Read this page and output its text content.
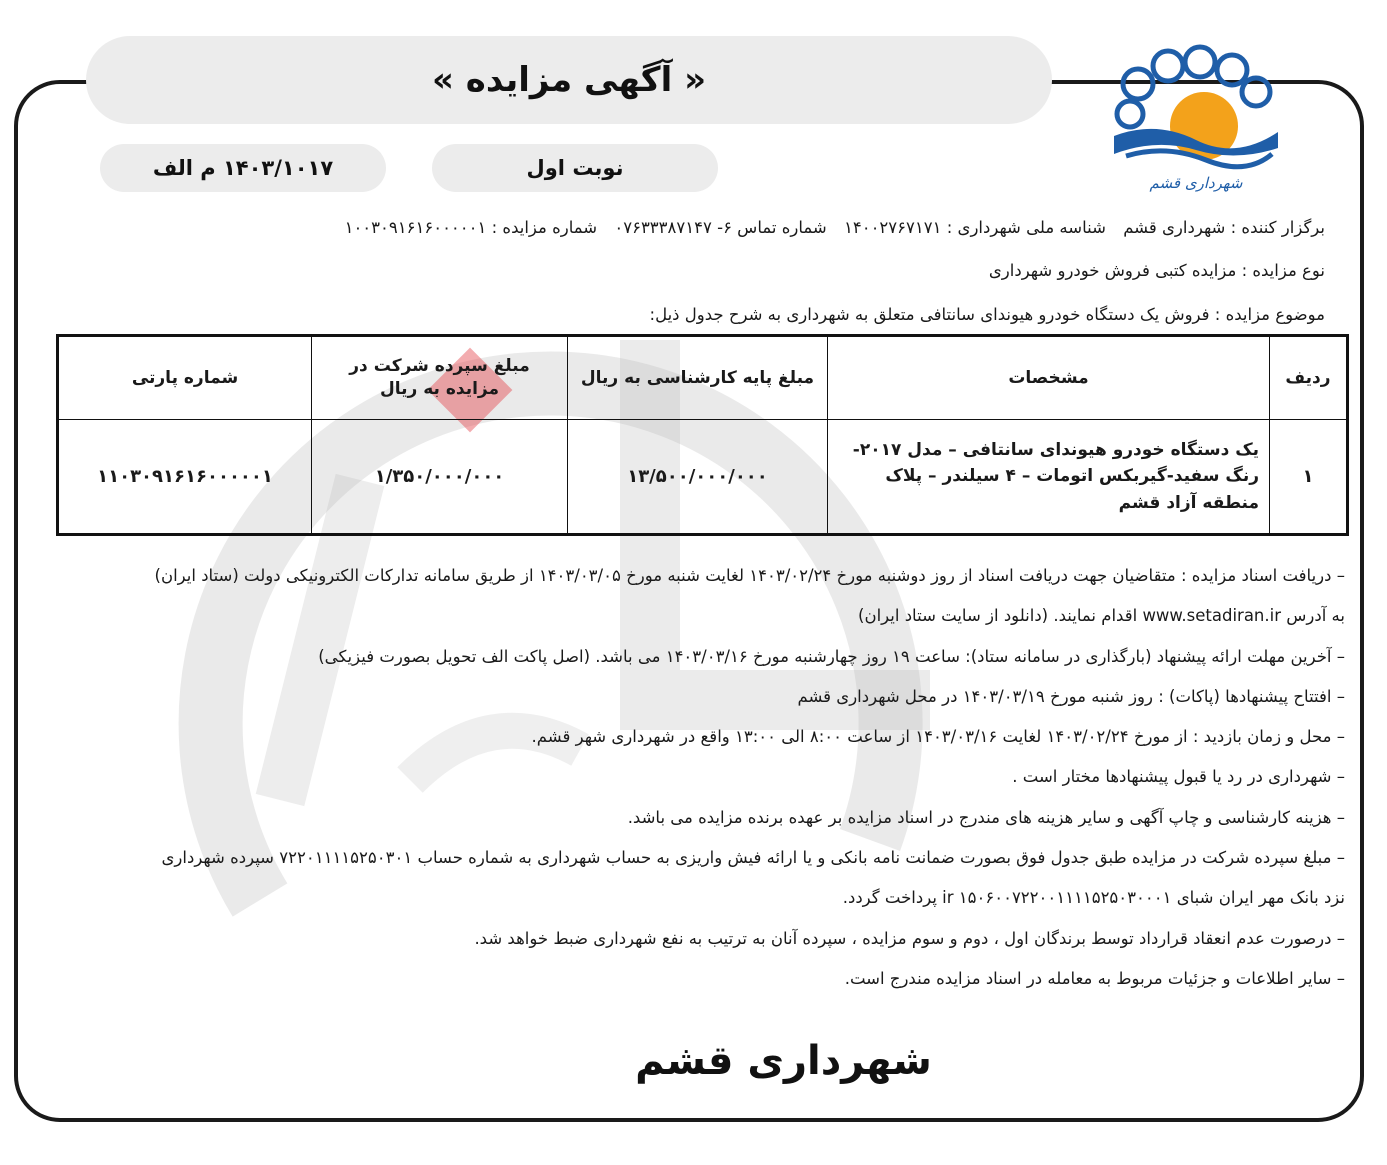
« آگهی مزایده »
نوبت اول
۱۴۰۳/۱۰۱۷ م الف
شهرداری قشم
برگزار کننده : شهرداری قشم شناسه ملی شهرداری : ۱۴۰۰۲۷۶۷۱۷۱ شماره تماس ۶- ۰۷۶۳۳۳۸۷۱۴۷ شماره مزایده : ۱۰۰۳۰۹۱۶۱۶۰۰۰۰۰۱
نوع مزایده : مزایده کتبی فروش خودرو شهرداری
موضوع مزایده : فروش یک دستگاه خودرو هیوندای سانتافی متعلق به شهرداری به شرح جدول ذیل:
ردیف	مشخصات	مبلغ پایه کارشناسی به ریال	مبلغ سپرده شرکت در مزایده به ریال	شماره پارتی
۱	یک دستگاه خودرو هیوندای سانتافی – مدل ۲۰۱۷- رنگ سفید-گیربکس اتومات – ۴ سیلندر – پلاک منطقه آزاد قشم	۱۳/۵۰۰/۰۰۰/۰۰۰	۱/۳۵۰/۰۰۰/۰۰۰	۱۱۰۳۰۹۱۶۱۶۰۰۰۰۰۱
– دریافت اسناد مزایده : متقاضیان جهت دریافت اسناد از روز دوشنبه مورخ ۱۴۰۳/۰۲/۲۴ لغایت شنبه مورخ ۱۴۰۳/۰۳/۰۵ از طریق سامانه تدارکات الکترونیکی دولت (ستاد ایران)
به آدرس www.setadiran.ir اقدام نمایند. (دانلود از سایت ستاد ایران)
– آخرین مهلت ارائه پیشنهاد (بارگذاری در سامانه ستاد): ساعت ۱۹ روز چهارشنبه مورخ ۱۴۰۳/۰۳/۱۶ می باشد. (اصل پاکت الف تحویل بصورت فیزیکی)
– افتتاح پیشنهادها (پاکات) : روز شنبه مورخ ۱۴۰۳/۰۳/۱۹ در محل شهرداری قشم
– محل و زمان بازدید : از مورخ ۱۴۰۳/۰۲/۲۴ لغایت ۱۴۰۳/۰۳/۱۶ از ساعت ۸:۰۰ الی ۱۳:۰۰ واقع در شهرداری شهر قشم.
– شهرداری در رد یا قبول پیشنهادها مختار است .
– هزینه کارشناسی و چاپ آگهی و سایر هزینه های مندرج در اسناد مزایده بر عهده برنده مزایده می باشد.
– مبلغ سپرده شرکت در مزایده طبق جدول فوق بصورت ضمانت نامه بانکی و یا ارائه فیش واریزی به حساب شهرداری به شماره حساب ۷۲۲۰۱۱۱۱۵۲۵۰۳۰۱ سپرده شهرداری
نزد بانک مهر ایران شبای ir ۱۵۰۶۰۰۷۲۲۰۰۱۱۱۱۵۲۵۰۳۰۰۰۱ پرداخت گردد.
– درصورت عدم انعقاد قرارداد توسط برندگان اول ، دوم و سوم مزایده ، سپرده آنان به ترتیب به نفع شهرداری ضبط خواهد شد.
– سایر اطلاعات و جزئیات مربوط به معامله در اسناد مزایده مندرج است.
شهرداری قشم
